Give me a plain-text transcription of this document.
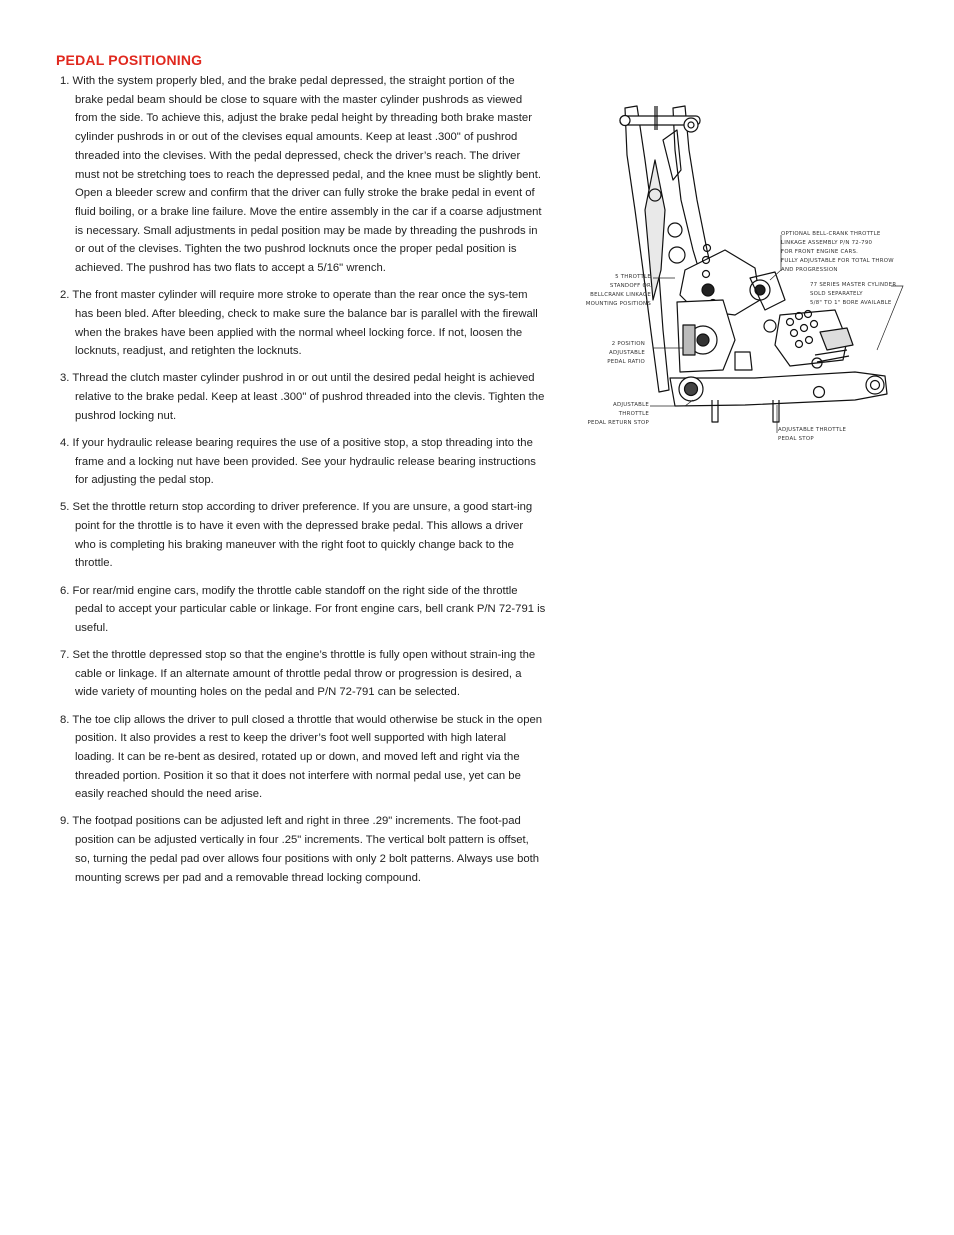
PEDAL POSITIONING
1. With the system properly bled, and the brake pedal depressed, the straight portion of the brake pedal beam should be close to square with the master cylinder pushrods as viewed from the side. To achieve this, adjust the brake pedal height by threading both brake master cylinder pushrods in or out of the clevises equal amounts. Keep at least .300" of pushrod threaded into the clevises. With the pedal depressed, check the driver’s reach. The driver must not be stretching toes to reach the depressed pedal, and the knee must be slightly bent. Open a bleeder screw and confirm that the driver can fully stroke the brake pedal in event of fluid boiling, or a brake line failure. Move the entire assembly in the car if a coarse adjustment is necessary. Small adjustments in pedal position may be made by threading the pushrods in or out of the clevises. Tighten the two pushrod locknuts once the proper pedal position is achieved. The pushrod has two flats to accept a 5/16" wrench.
2. The front master cylinder will require more stroke to operate than the rear once the sys-tem has been bled. After bleeding, check to make sure the balance bar is parallel with the firewall when the brakes have been applied with the normal wheel locking force. If not, loosen the locknuts, readjust, and retighten the locknuts.
3. Thread the clutch master cylinder pushrod in or out until the desired pedal height is achieved relative to the brake pedal. Keep at least .300" of pushrod threaded into the clevis. Tighten the pushrod locking nut.
4. If your hydraulic release bearing requires the use of a positive stop, a stop threading into the frame and a locking nut have been provided. See your hydraulic release bearing instructions for adjusting the pedal stop.
5. Set the throttle return stop according to driver preference. If you are unsure, a good start-ing point for the throttle is to have it even with the depressed brake pedal. This allows a driver who is completing his braking maneuver with the right foot to quickly change back to the throttle.
6. For rear/mid engine cars, modify the throttle cable standoff on the right side of the throttle pedal to accept your particular cable or linkage. For front engine cars, bell crank P/N 72-791 is useful.
7. Set the throttle depressed stop so that the engine’s throttle is fully open without strain-ing the cable or linkage. If an alternate amount of throttle pedal throw or progression is desired, a wide variety of mounting holes on the pedal and P/N 72-791 can be selected.
8. The toe clip allows the driver to pull closed a throttle that would otherwise be stuck in the open position. It also provides a rest to keep the driver’s foot well supported with high lateral loading. It can be re-bent as desired, rotated up or down, and moved left and right via the threaded portion. Position it so that it does not interfere with normal pedal use, yet can be easily reached should the need arise.
9. The footpad positions can be adjusted left and right in three .29" increments. The foot-pad position can be adjusted vertically in four .25" increments. The vertical bolt pattern is offset, so, turning the pedal pad over allows four positions with only 2 bolt patterns. Always use both mounting screws per pad and a removable thread locking compound.
5 THROTTLE
STANDOFF OR
BELLCRANK LINKAGE
MOUNTING POSITIONS
2 POSITION
ADJUSTABLE
PEDAL RATIO
ADJUSTABLE
THROTTLE
PEDAL RETURN STOP
OPTIONAL BELL-CRANK THROTTLE
LINKAGE ASSEMBLY P/N 72-790
FOR FRONT ENGINE CARS.
FULLY ADJUSTABLE FOR TOTAL THROW
AND PROGRESSION
77 SERIES MASTER CYLINDER
SOLD SEPARATELY
5/8" TO 1" BORE AVAILABLE
ADJUSTABLE THROTTLE
PEDAL STOP
